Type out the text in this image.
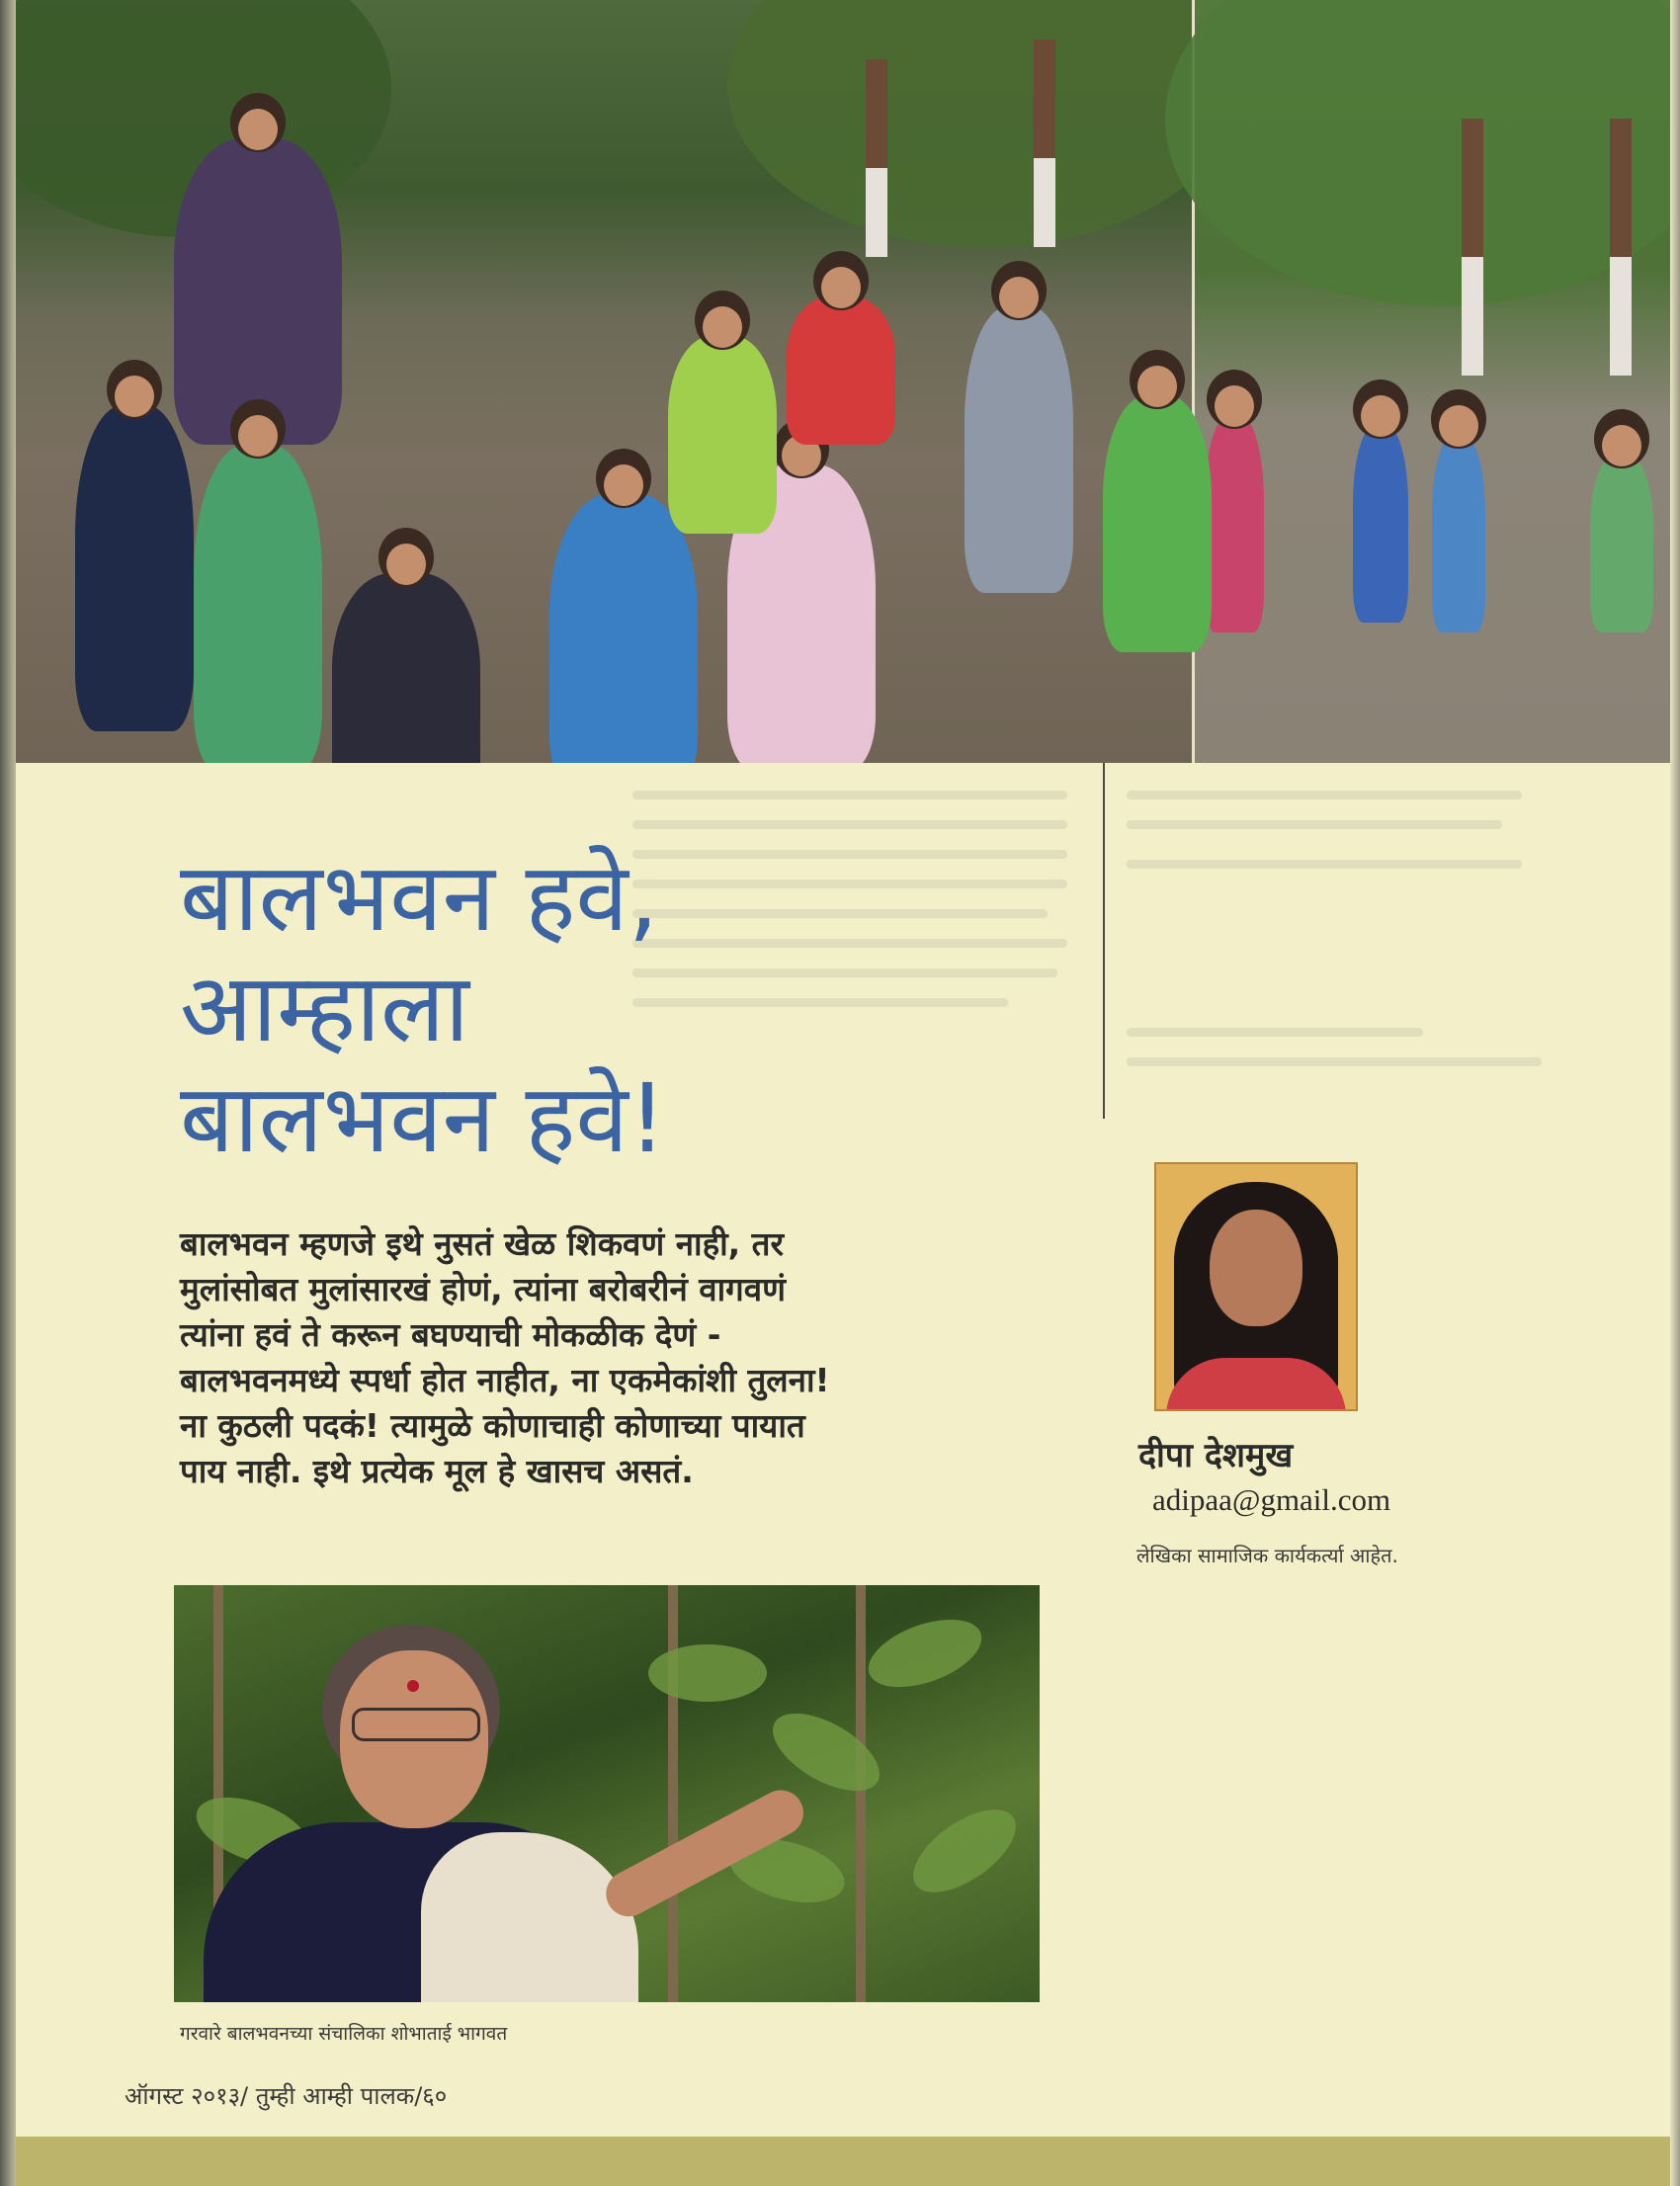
बालभवन हवे,
आम्हाला
बालभवन हवे!

बालभवन म्हणजे इथे नुसतं खेळ शिकवणं नाही, तर
मुलांसोबत मुलांसारखं होणं, त्यांना बरोबरीनं वागवणं
त्यांना हवं ते करून बघण्याची मोकळीक देणं -
बालभवनमध्ये स्पर्धा होत नाहीत, ना एकमेकांशी तुलना!
ना कुठली पदकं! त्यामुळे कोणाचाही कोणाच्या पायात
पाय नाही. इथे प्रत्येक मूल हे खासच असतं.	दीपा देशमुख
adipaa@gmail.com
लेखिका सामाजिक कार्यकर्त्या आहेत.
गरवारे बालभवनच्या संचालिका शोभाताई भागवत
ऑगस्ट २०१३/ तुम्ही आम्ही पालक/६०
